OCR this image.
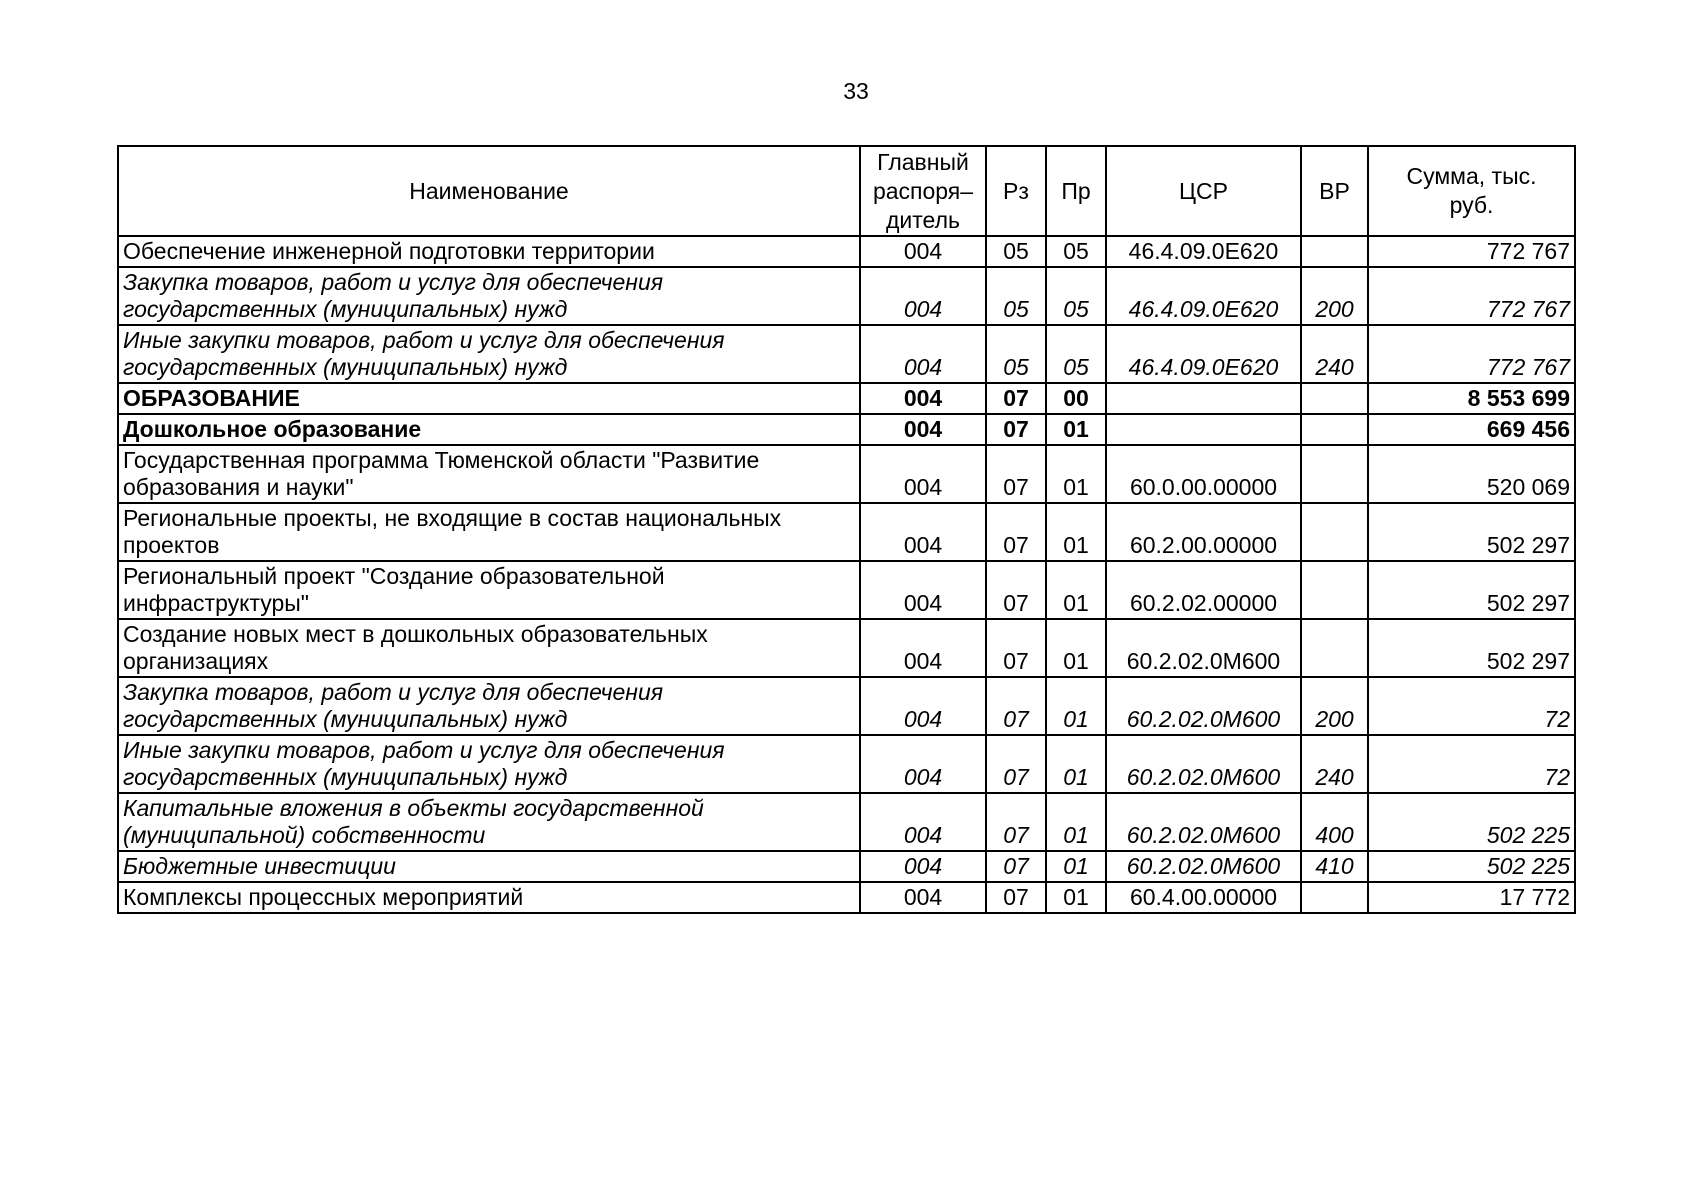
33
Наименование	Главный распоря–дитель	Рз	Пр	ЦСР	ВР	Сумма, тыс. руб.
Обеспечение инженерной подготовки территории	004	05	05	46.4.09.0Е620		772 767
Закупка товаров, работ и услуг для обеспечения государственных (муниципальных) нужд	004	05	05	46.4.09.0Е620	200	772 767
Иные закупки товаров, работ и услуг для обеспечения государственных (муниципальных) нужд	004	05	05	46.4.09.0Е620	240	772 767
ОБРАЗОВАНИЕ	004	07	00			8 553 699
Дошкольное образование	004	07	01			669 456
Государственная программа Тюменской области "Развитие образования и науки"	004	07	01	60.0.00.00000		520 069
Региональные проекты, не входящие в состав национальных проектов	004	07	01	60.2.00.00000		502 297
Региональный проект "Создание образовательной инфраструктуры"	004	07	01	60.2.02.00000		502 297
Создание новых мест в дошкольных образовательных организациях	004	07	01	60.2.02.0М600		502 297
Закупка товаров, работ и услуг для обеспечения государственных (муниципальных) нужд	004	07	01	60.2.02.0М600	200	72
Иные закупки товаров, работ и услуг для обеспечения государственных (муниципальных) нужд	004	07	01	60.2.02.0М600	240	72
Капитальные вложения в объекты государственной (муниципальной) собственности	004	07	01	60.2.02.0М600	400	502 225
Бюджетные инвестиции	004	07	01	60.2.02.0М600	410	502 225
Комплексы процессных мероприятий	004	07	01	60.4.00.00000		17 772
